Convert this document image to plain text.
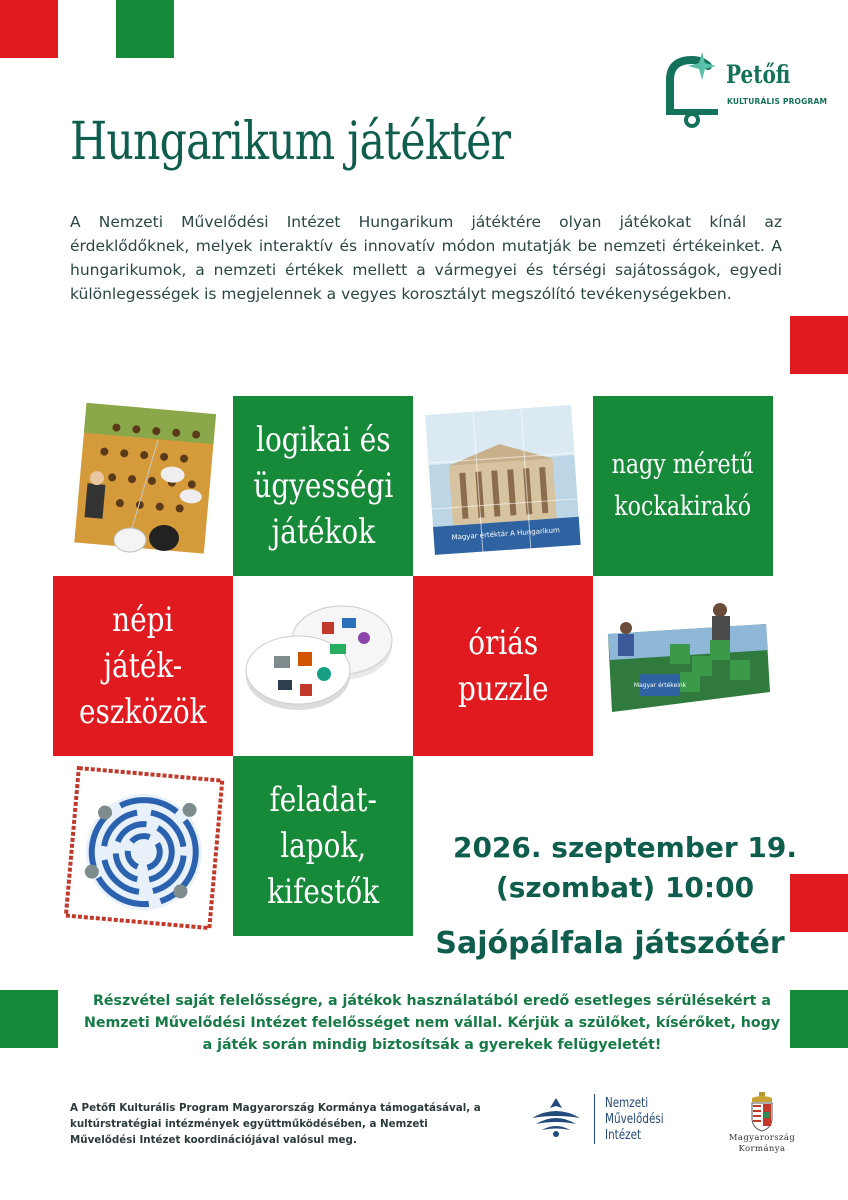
Petőfi
KULTURÁLIS PROGRAM
Hungarikum játéktér

A Nemzeti Művelődési Intézet Hungarikum játéktére olyan játékokat kínál az érdeklődőknek, melyek interaktív és innovatív módon mutatják be nemzeti értékeinket. A hungarikumok, a nemzeti értékek mellett a vármegyei és térségi sajátosságok, egyedi különlegességek is megjelennek a vegyes korosztályt megszólító tevékenységekben.

logikai és
ügyességi
játékok	Magyar értéktár A Hungarikum
nagy méretű
kockakirakó
népi
játék-
eszközök
óriás
puzzle	Magyar értékeink
feladat-
lapok,
kifestők
2026. szeptember 19.
(szombat) 10:00
Sajópálfala játszótér

Részvétel saját felelősségre, a játékok használatából eredő esetleges sérülésekért a Nemzeti Művelődési Intézet felelősséget nem vállal. Kérjük a szülőket, kísérőket, hogy a játék során mindig biztosítsák a gyerekek felügyeletét!

A Petőfi Kulturális Program Magyarország Kormánya támogatásával, a kultúrstratégiai intézmények együttműködésében, a Nemzeti Művelődési Intézet koordinációjával valósul meg.

Nemzeti
Művelődési
Intézet	Magyarország
Kormánya
